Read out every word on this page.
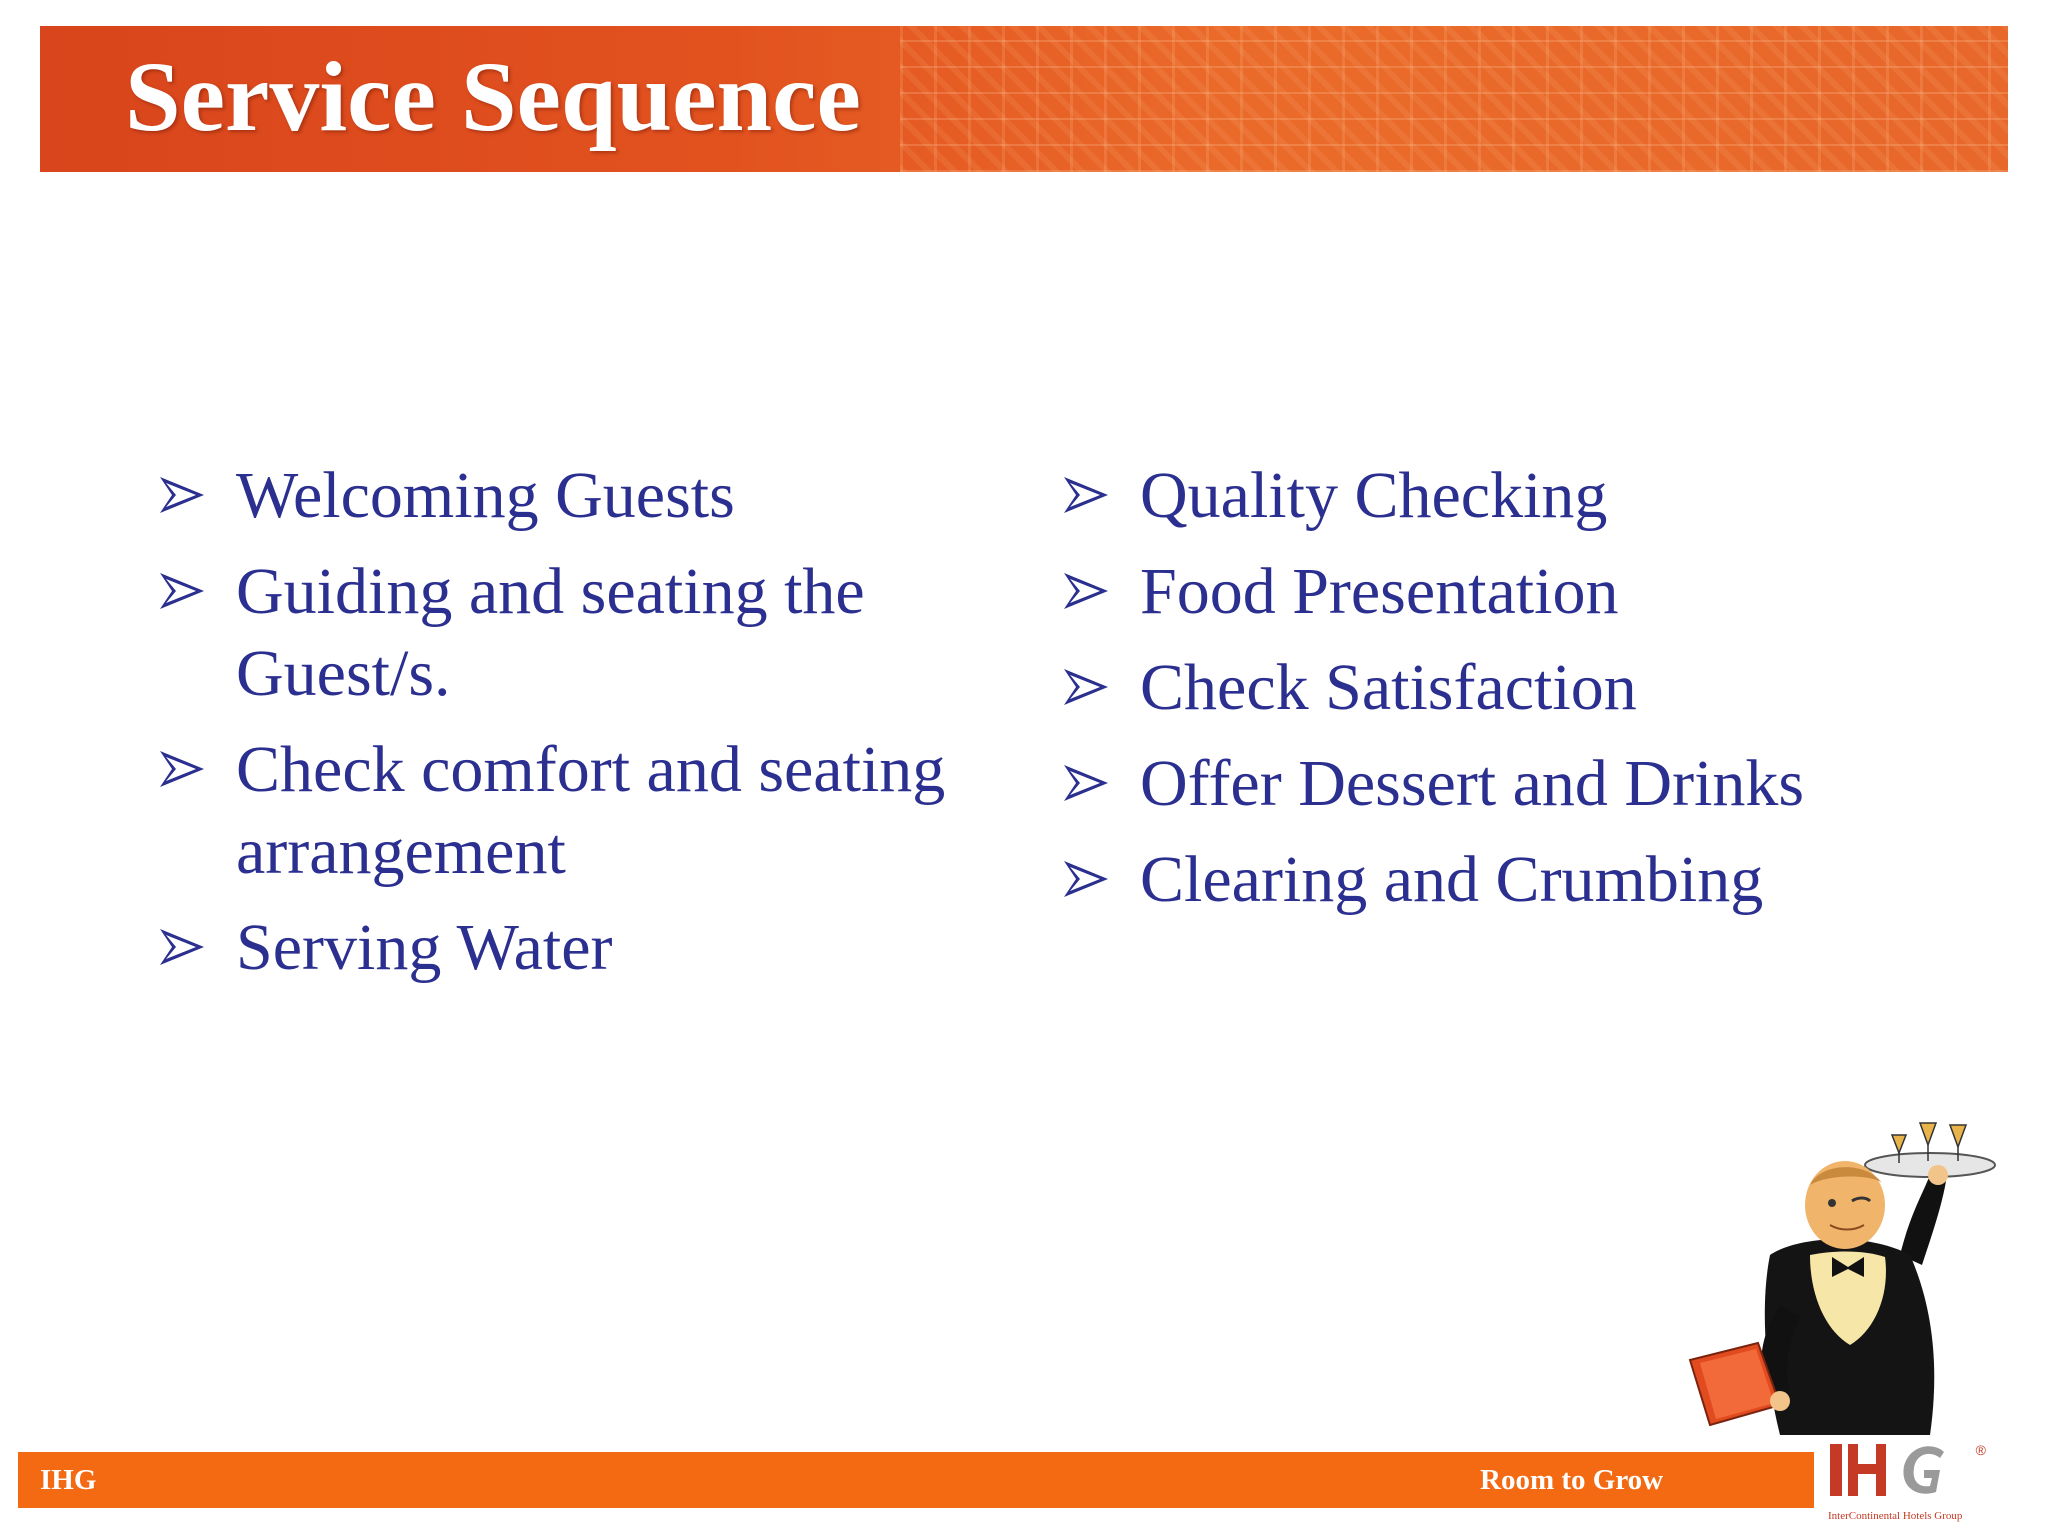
Service Sequence
Welcoming Guests
Guiding and seating the Guest/s.
Check comfort and seating arrangement
Serving Water
Quality Checking
Food Presentation
Check Satisfaction
Offer Dessert and Drinks
Clearing and Crumbing
IHG	Room to Grow
®
InterContinental Hotels Group
